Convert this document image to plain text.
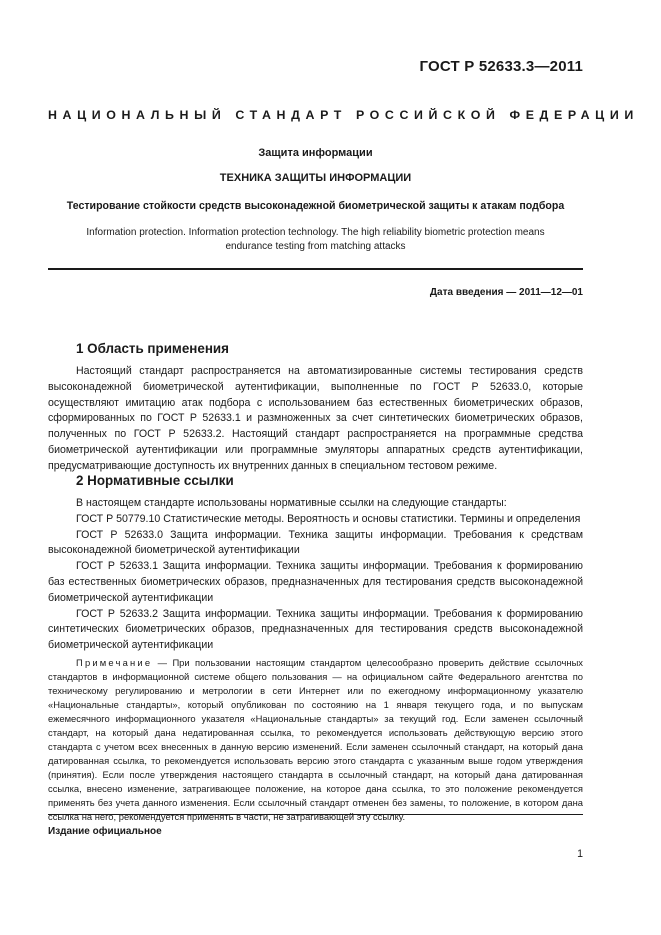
ГОСТ Р 52633.3—2011
НАЦИОНАЛЬНЫЙ СТАНДАРТ РОССИЙСКОЙ ФЕДЕРАЦИИ
Защита информации
ТЕХНИКА ЗАЩИТЫ ИНФОРМАЦИИ
Тестирование стойкости средств высоконадежной биометрической защиты к атакам подбора
Information protection. Information protection technology. The high reliability biometric protection means endurance testing from matching attacks
Дата введения — 2011—12—01
1 Область применения
Настоящий стандарт распространяется на автоматизированные системы тестирования средств высоконадежной биометрической аутентификации, выполненные по ГОСТ Р 52633.0, которые осуществляют имитацию атак подбора с использованием баз естественных биометрических образов, сформированных по ГОСТ Р 52633.1 и размноженных за счет синтетических биометрических образов, полученных по ГОСТ Р 52633.2. Настоящий стандарт распространяется на программные средства биометрической аутентификации или программные эмуляторы аппаратных средств аутентификации, предусматривающие доступность их внутренних данных в специальном тестовом режиме.
2 Нормативные ссылки

В настоящем стандарте использованы нормативные ссылки на следующие стандарты:

ГОСТ Р 50779.10 Статистические методы. Вероятность и основы статистики. Термины и определения

ГОСТ Р 52633.0 Защита информации. Техника защиты информации. Требования к средствам высоконадежной биометрической аутентификации

ГОСТ Р 52633.1 Защита информации. Техника защиты информации. Требования к формированию баз естественных биометрических образов, предназначенных для тестирования средств высоконадежной биометрической аутентификации

ГОСТ Р 52633.2 Защита информации. Техника защиты информации. Требования к формированию синтетических биометрических образов, предназначенных для тестирования средств высоконадежной биометрической аутентификации

Примечание — При пользовании настоящим стандартом целесообразно проверить действие ссылочных стандартов в информационной системе общего пользования — на официальном сайте Федерального агентства по техническому регулированию и метрологии в сети Интернет или по ежегодному информационному указателю «Национальные стандарты», который опубликован по состоянию на 1 января текущего года, и по выпускам ежемесячного информационного указателя «Национальные стандарты» за текущий год. Если заменен ссылочный стандарт, на который дана недатированная ссылка, то рекомендуется использовать действующую версию этого стандарта с учетом всех внесенных в данную версию изменений. Если заменен ссылочный стандарт, на который дана датированная ссылка, то рекомендуется использовать версию этого стандарта с указанным выше годом утверждения (принятия). Если после утверждения настоящего стандарта в ссылочный стандарт, на который дана датированная ссылка, внесено изменение, затрагивающее положение, на которое дана ссылка, то это положение рекомендуется применять без учета данного изменения. Если ссылочный стандарт отменен без замены, то положение, в котором дана ссылка на него, рекомендуется применять в части, не затрагивающей эту ссылку.

Издание официальное
1
